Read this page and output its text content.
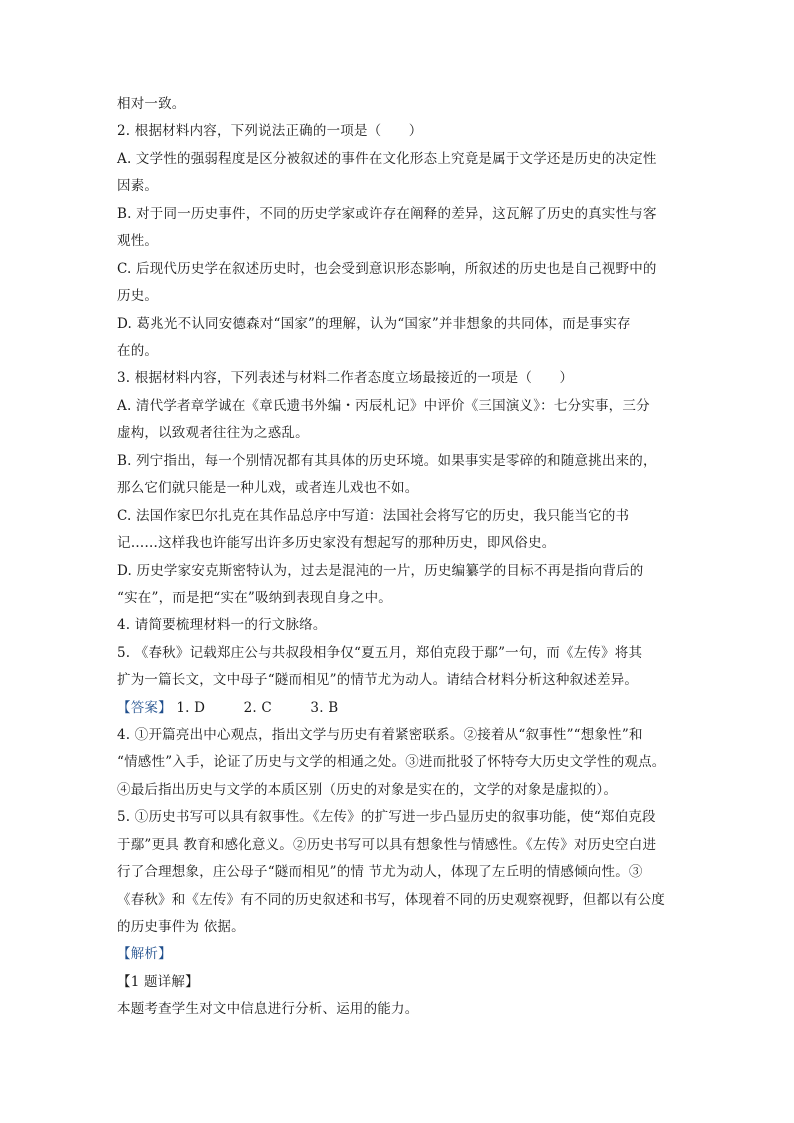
相对一致。
2. 根据材料内容，下列说法正确的一项是（　　）
A. 文学性的强弱程度是区分被叙述的事件在文化形态上究竟是属于文学还是历史的决定性
因素。
B. 对于同一历史事件，不同的历史学家或许存在阐释的差异，这瓦解了历史的真实性与客
观性。
C. 后现代历史学在叙述历史时，也会受到意识形态影响，所叙述的历史也是自己视野中的
历史。
D. 葛兆光不认同安德森对“国家”的理解，认为“国家”并非想象的共同体，而是事实存
在的。
3. 根据材料内容，下列表述与材料二作者态度立场最接近的一项是（　　）
A. 清代学者章学诚在《章氏遗书外编・丙辰札记》中评价《三国演义》：七分实事，三分
虚构，以致观者往往为之惑乱。
B. 列宁指出，每一个别情况都有其具体的历史环境。如果事实是零碎的和随意挑出来的，
那么它们就只能是一种儿戏，或者连儿戏也不如。
C. 法国作家巴尔扎克在其作品总序中写道：法国社会将写它的历史，我只能当它的书
记……这样我也许能写出许多历史家没有想起写的那种历史，即风俗史。
D. 历史学家安克斯密特认为，过去是混沌的一片，历史编纂学的目标不再是指向背后的
“实在”，而是把“实在”吸纳到表现自身之中。
4. 请简要梳理材料一的行文脉络。
5. 《春秋》记载郑庄公与共叔段相争仅“夏五月，郑伯克段于鄢”一句，而《左传》将其
扩为一篇长文，文中母子“隧而相见”的情节尤为动人。请结合材料分析这种叙述差异。
【答案】 1. D	2. C	3. B
4. ①开篇亮出中心观点，指出文学与历史有着紧密联系。②接着从“叙事性”“想象性”和
“情感性”入手，论证了历史与文学的相通之处。③进而批驳了怀特夸大历史文学性的观点。
④最后指出历史与文学的本质区别（历史的对象是实在的，文学的对象是虚拟的）。
5. ①历史书写可以具有叙事性。《左传》的扩写进一步凸显历史的叙事功能，使“郑伯克段
于鄢”更具 教育和感化意义。②历史书写可以具有想象性与情感性。《左传》对历史空白进
行了合理想象，庄公母子“隧而相见”的情 节尤为动人，体现了左丘明的情感倾向性。③
《春秋》和《左传》有不同的历史叙述和书写，体现着不同的历史观察视野，但都以有公度
的历史事件为 依据。
【解析】
【1 题详解】
本题考查学生对文中信息进行分析、运用的能力。
